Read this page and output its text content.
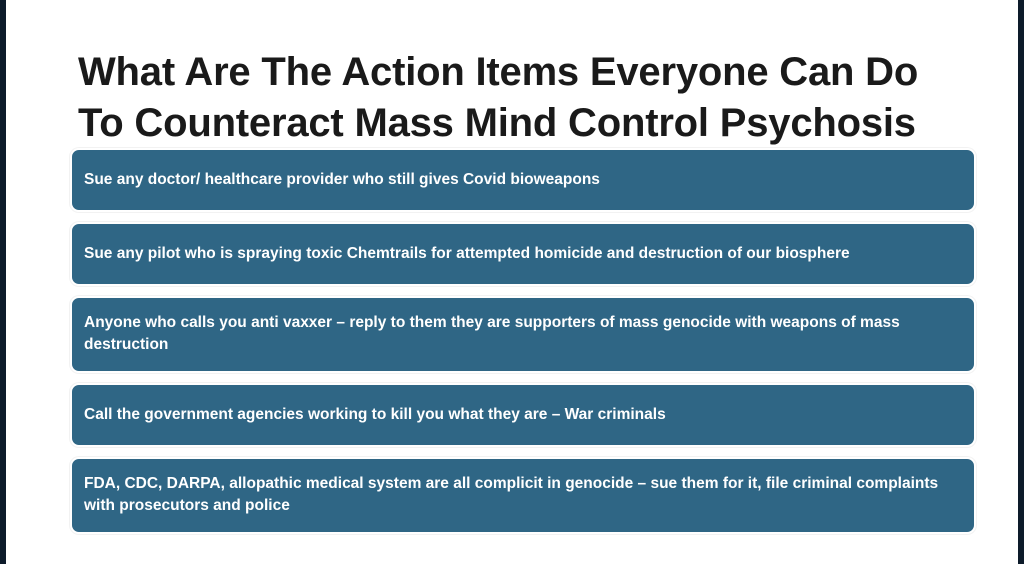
What Are The Action Items Everyone Can Do To Counteract Mass Mind Control Psychosis
Sue any doctor/ healthcare provider who still gives Covid bioweapons
Sue any pilot who is spraying toxic Chemtrails for attempted homicide and destruction of our biosphere
Anyone who calls you anti vaxxer – reply to them they are supporters of mass genocide with weapons of mass destruction
Call the government agencies working to kill you what they are – War criminals
FDA, CDC, DARPA, allopathic medical system are all complicit in genocide – sue them for it, file criminal complaints with prosecutors and police
